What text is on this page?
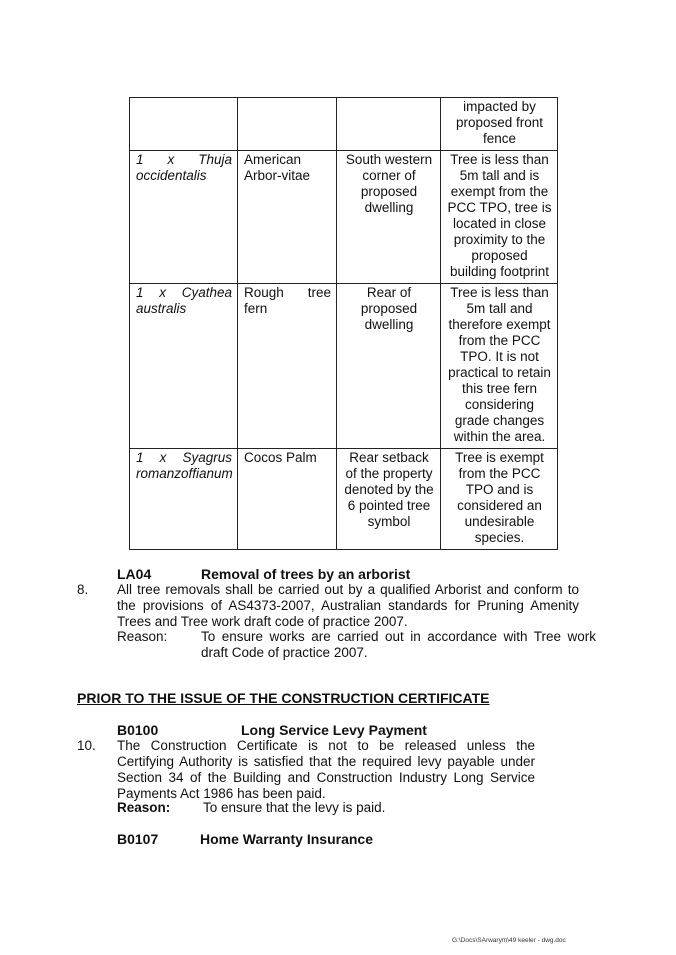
			impacted by proposed front fence
1 x Thuja occidentalis	American Arbor-vitae	South western corner of proposed dwelling	Tree is less than 5m tall and is exempt from the PCC TPO, tree is located in close proximity to the proposed building footprint
1 x Cyathea australis	Rough tree fern	Rear of proposed dwelling	Tree is less than 5m tall and therefore exempt from the PCC TPO. It is not practical to retain this tree fern considering grade changes within the area.
1 x Syagrus romanzoffianum	Cocos Palm	Rear setback of the property denoted by the 6 pointed tree symbol	Tree is exempt from the PCC TPO and is considered an undesirable species.
LA04	Removal of trees by an arborist
8. All tree removals shall be carried out by a qualified Arborist and conform to the provisions of AS4373-2007, Australian standards for Pruning Amenity Trees and Tree work draft code of practice 2007.
Reason: To ensure works are carried out in accordance with Tree work draft Code of practice 2007.
PRIOR TO THE ISSUE OF THE CONSTRUCTION CERTIFICATE
B0100	Long Service Levy Payment
10. The Construction Certificate is not to be released unless the Certifying Authority is satisfied that the required levy payable under Section 34 of the Building and Construction Industry Long Service Payments Act 1986 has been paid.
Reason: To ensure that the levy is paid.
B0107	Home Warranty Insurance
G:\Docs\SArwarym\49 keeler - dwg.doc
